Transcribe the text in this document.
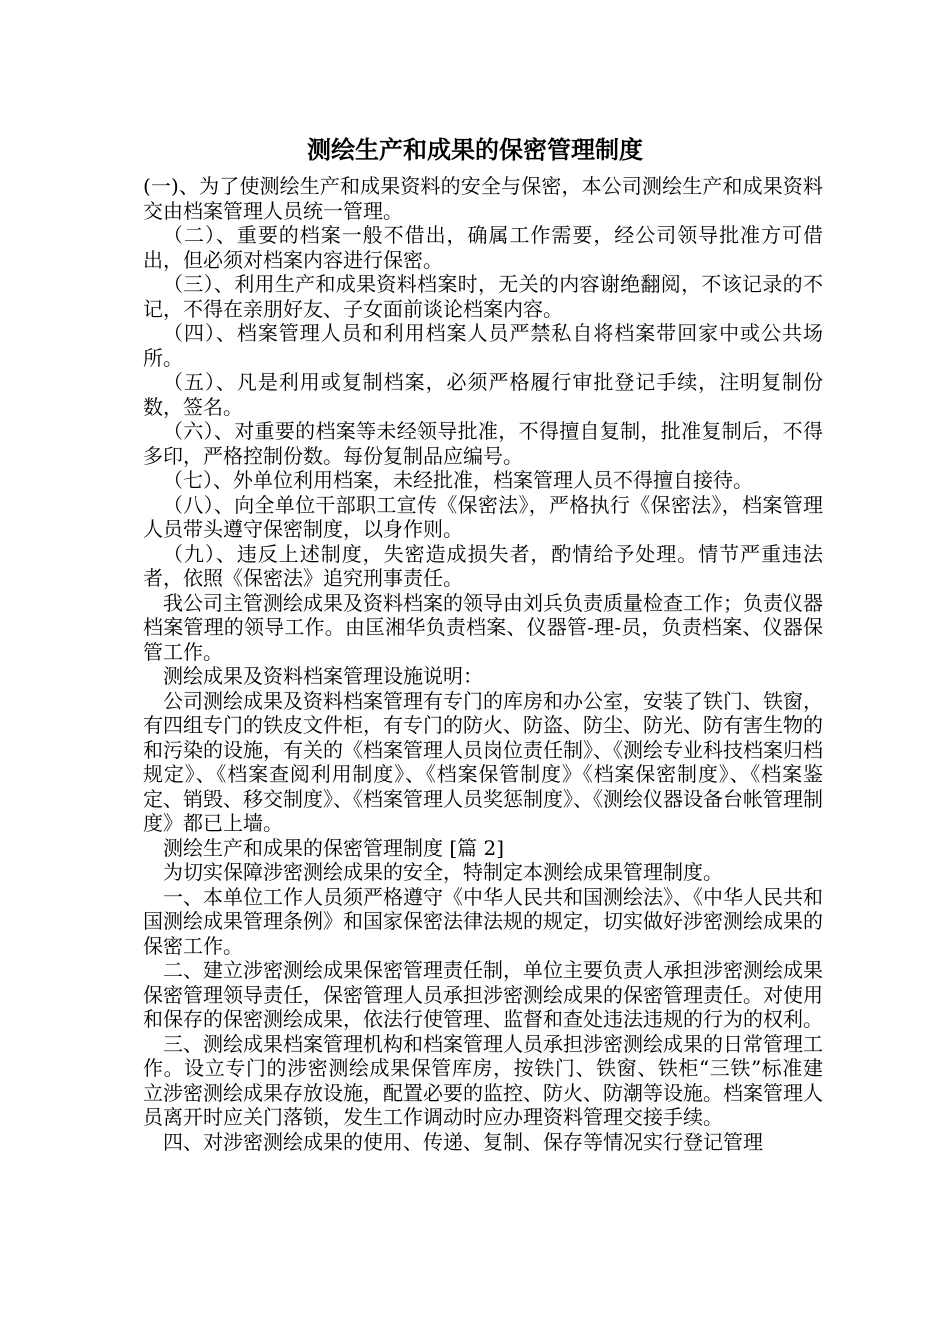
测绘生产和成果的保密管理制度

(一)、为了使测绘生产和成果资料的安全与保密，本公司测绘生产和成果资料交由档案管理人员统一管理。

（二）、重要的档案一般不借出，确属工作需要，经公司领导批准方可借出，但必须对档案内容进行保密。

（三）、利用生产和成果资料档案时，无关的内容谢绝翻阅，不该记录的不记，不得在亲朋好友、子女面前谈论档案内容。

（四）、档案管理人员和利用档案人员严禁私自将档案带回家中或公共场所。

（五）、凡是利用或复制档案，必须严格履行审批登记手续，注明复制份数，签名。

（六）、对重要的档案等未经领导批准，不得擅自复制，批准复制后，不得多印，严格控制份数。每份复制品应编号。

（七）、外单位利用档案，未经批准，档案管理人员不得擅自接待。

（八）、向全单位干部职工宣传《保密法》，严格执行《保密法》，档案管理人员带头遵守保密制度，以身作则。

（九）、违反上述制度，失密造成损失者，酌情给予处理。情节严重违法者，依照《保密法》追究刑事责任。

我公司主管测绘成果及资料档案的领导由刘兵负责质量检查工作；负责仪器档案管理的领导工作。由匡湘华负责档案、仪器管-理-员，负责档案、仪器保管工作。

测绘成果及资料档案管理设施说明：

公司测绘成果及资料档案管理有专门的库房和办公室，安装了铁门、铁窗，有四组专门的铁皮文件柜，有专门的防火、防盗、防尘、防光、防有害生物的和污染的设施，有关的《档案管理人员岗位责任制》、《测绘专业科技档案归档规定》、《档案查阅利用制度》、《档案保管制度》《档案保密制度》、《档案鉴定、销毁、移交制度》、《档案管理人员奖惩制度》、《测绘仪器设备台帐管理制度》都已上墙。

测绘生产和成果的保密管理制度 [篇 2]

为切实保障涉密测绘成果的安全，特制定本测绘成果管理制度。

一、本单位工作人员须严格遵守《中华人民共和国测绘法》、《中华人民共和国测绘成果管理条例》和国家保密法律法规的规定，切实做好涉密测绘成果的保密工作。

二、建立涉密测绘成果保密管理责任制，单位主要负责人承担涉密测绘成果保密管理领导责任，保密管理人员承担涉密测绘成果的保密管理责任。对使用和保存的保密测绘成果，依法行使管理、监督和查处违法违规的行为的权利。

三、测绘成果档案管理机构和档案管理人员承担涉密测绘成果的日常管理工作。设立专门的涉密测绘成果保管库房，按铁门、铁窗、铁柜“三铁”标准建立涉密测绘成果存放设施，配置必要的监控、防火、防潮等设施。档案管理人员离开时应关门落锁，发生工作调动时应办理资料管理交接手续。

四、对涉密测绘成果的使用、传递、复制、保存等情况实行登记管理
